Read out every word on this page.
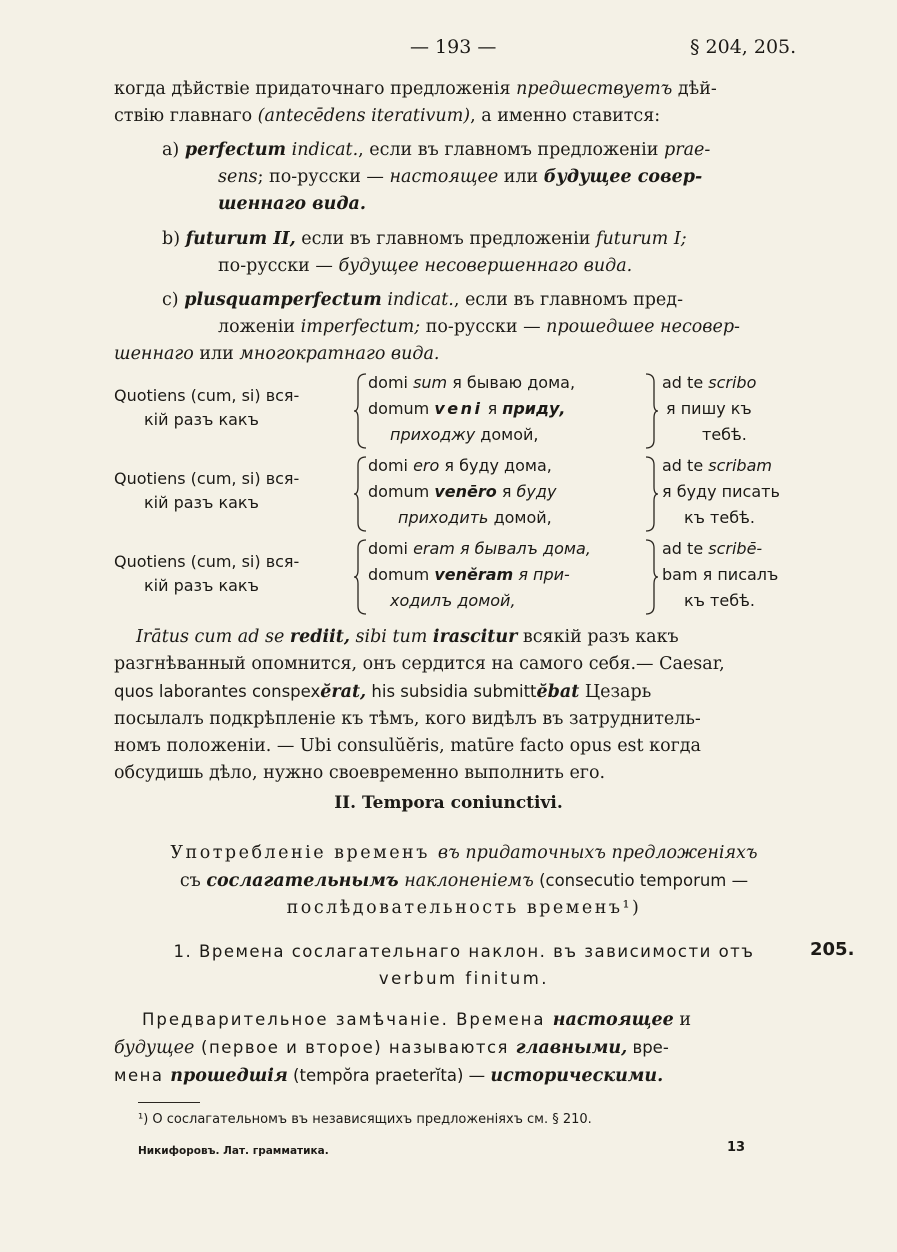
— 193 —	§ 204, 205.

когда дѣйствіе придаточнаго предложенія предшествуетъ дѣй-

ствію главнаго (antecēdens iterativum), а именно ставится:

a) perfectum indicat., если въ главномъ предложеніи prae-

sens; по-русски — настоящее или будущее совер-

шеннаго вида.

b) futurum II, если въ главномъ предложеніи futurum I;

по-русски — будущее несовершеннаго вида.

c) plusquamperfectum indicat., если въ главномъ пред-

ложеніи imperfectum; по-русски — прошедшее несовер-

шеннаго или многократнаго вида.

Quotiens (cum, si) вся-
кій разъ какъ
domi sum я бываю дома,
domum veni я приду,
приходжу домой,
ad te scribo
я пишу къ
тебѣ.
Quotiens (cum, si) вся-
кій разъ какъ
domi ero я буду дома,
domum venēro я буду
приходить домой,
ad te scribam
я буду писать
къ тебѣ.
Quotiens (cum, si) вся-
кій разъ какъ
domi eram я бывалъ дома,
domum venĕram я при-
ходилъ домой,
ad te scribē-
bam я писалъ
къ тебѣ.

Irātus cum ad se rediit, sibi tum irascitur всякій разъ какъ

разгнѣванный опомнится, онъ сердится на самого себя.— Caesar,

quos laborantes conspexĕrat, his subsidia submittĕbat Цезарь

посылалъ подкрѣпленіе къ тѣмъ, кого видѣлъ въ затруднитель-

номъ положеніи. — Ubi consulŭĕris, matūre facto opus est когда

обсудишь дѣло, нужно своевременно выполнить его.

II. Tempora coniunctivi.

Употребленіе временъ въ придаточныхъ предложеніяхъ

съ сослагательнымъ наклоненіемъ (consecutio temporum —

послѣдовательность временъ¹)

1. Времена сослагательнаго наклон. въ зависимости отъ

verbum finitum.

205.

Предварительное замѣчаніе. Времена настоящее и

будущее (первое и второе) называются главными, вре-

мена прошедшія (tempŏra praeterĭta) — историческими.

¹) О сослагательномъ въ независящихъ предложеніяхъ см. § 210.
Никифоровъ. Лат. грамматика.	13
